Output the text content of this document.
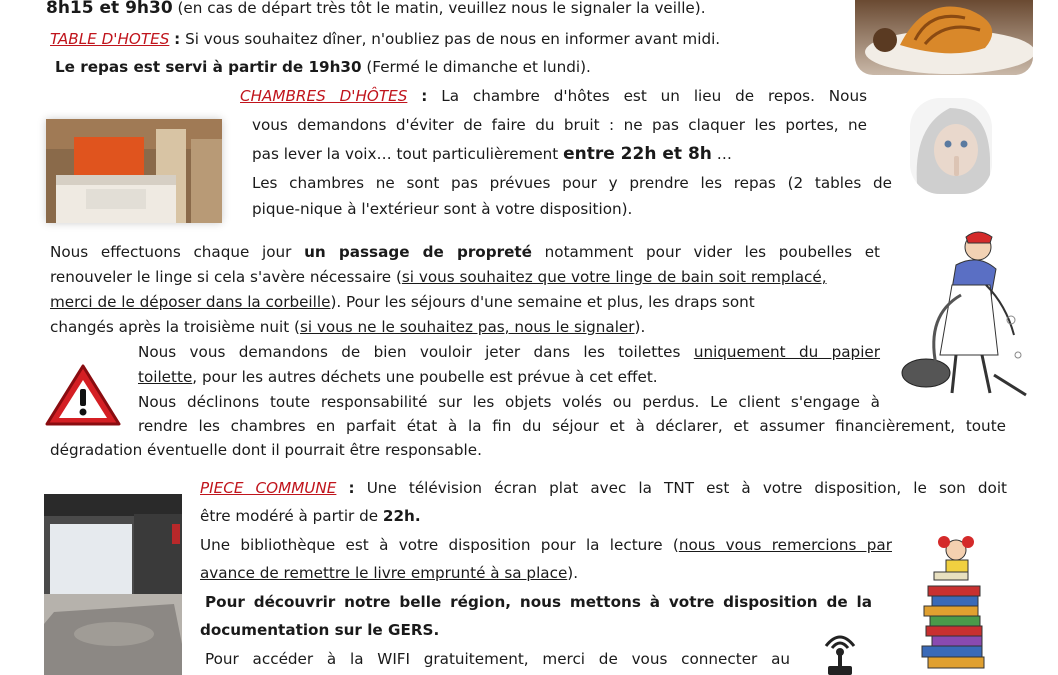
8h15 et 9h30 (en cas de départ très tôt le matin, veuillez nous le signaler la veille).
TABLE D'HOTES : Si vous souhaitez dîner, n'oubliez pas de nous en informer avant midi.
Le repas est servi à partir de 19h30 (Fermé le dimanche et lundi).
CHAMBRES D'HÔTES : La chambre d'hôtes est un lieu de repos. Nous
vous demandons d'éviter de faire du bruit : ne pas claquer les portes, ne
pas lever la voix… tout particulièrement entre 22h et 8h …
Les chambres ne sont pas prévues pour y prendre les repas (2 tables de
pique-nique à l'extérieur sont à votre disposition).
Nous effectuons chaque jour un passage de propreté notamment pour vider les poubelles et
renouveler le linge si cela s'avère nécessaire (si vous souhaitez que votre linge de bain soit remplacé,
merci de le déposer dans la corbeille). Pour les séjours d'une semaine et plus, les draps sont
changés après la troisième nuit (si vous ne le souhaitez pas, nous le signaler).
Nous vous demandons de bien vouloir jeter dans les toilettes uniquement du papier
toilette, pour les autres déchets une poubelle est prévue à cet effet.
Nous déclinons toute responsabilité sur les objets volés ou perdus. Le client s'engage à
rendre les chambres en parfait état à la fin du séjour et à déclarer, et assumer financièrement, toute
dégradation éventuelle dont il pourrait être responsable.
PIECE COMMUNE : Une télévision écran plat avec la TNT est à votre disposition, le son doit
être modéré à partir de 22h.
Une bibliothèque est à votre disposition pour la lecture (nous vous remercions par
avance de remettre le livre emprunté à sa place).
Pour découvrir notre belle région, nous mettons à votre disposition de la
documentation sur le GERS.
Pour accéder à la WIFI gratuitement, merci de vous connecter au
